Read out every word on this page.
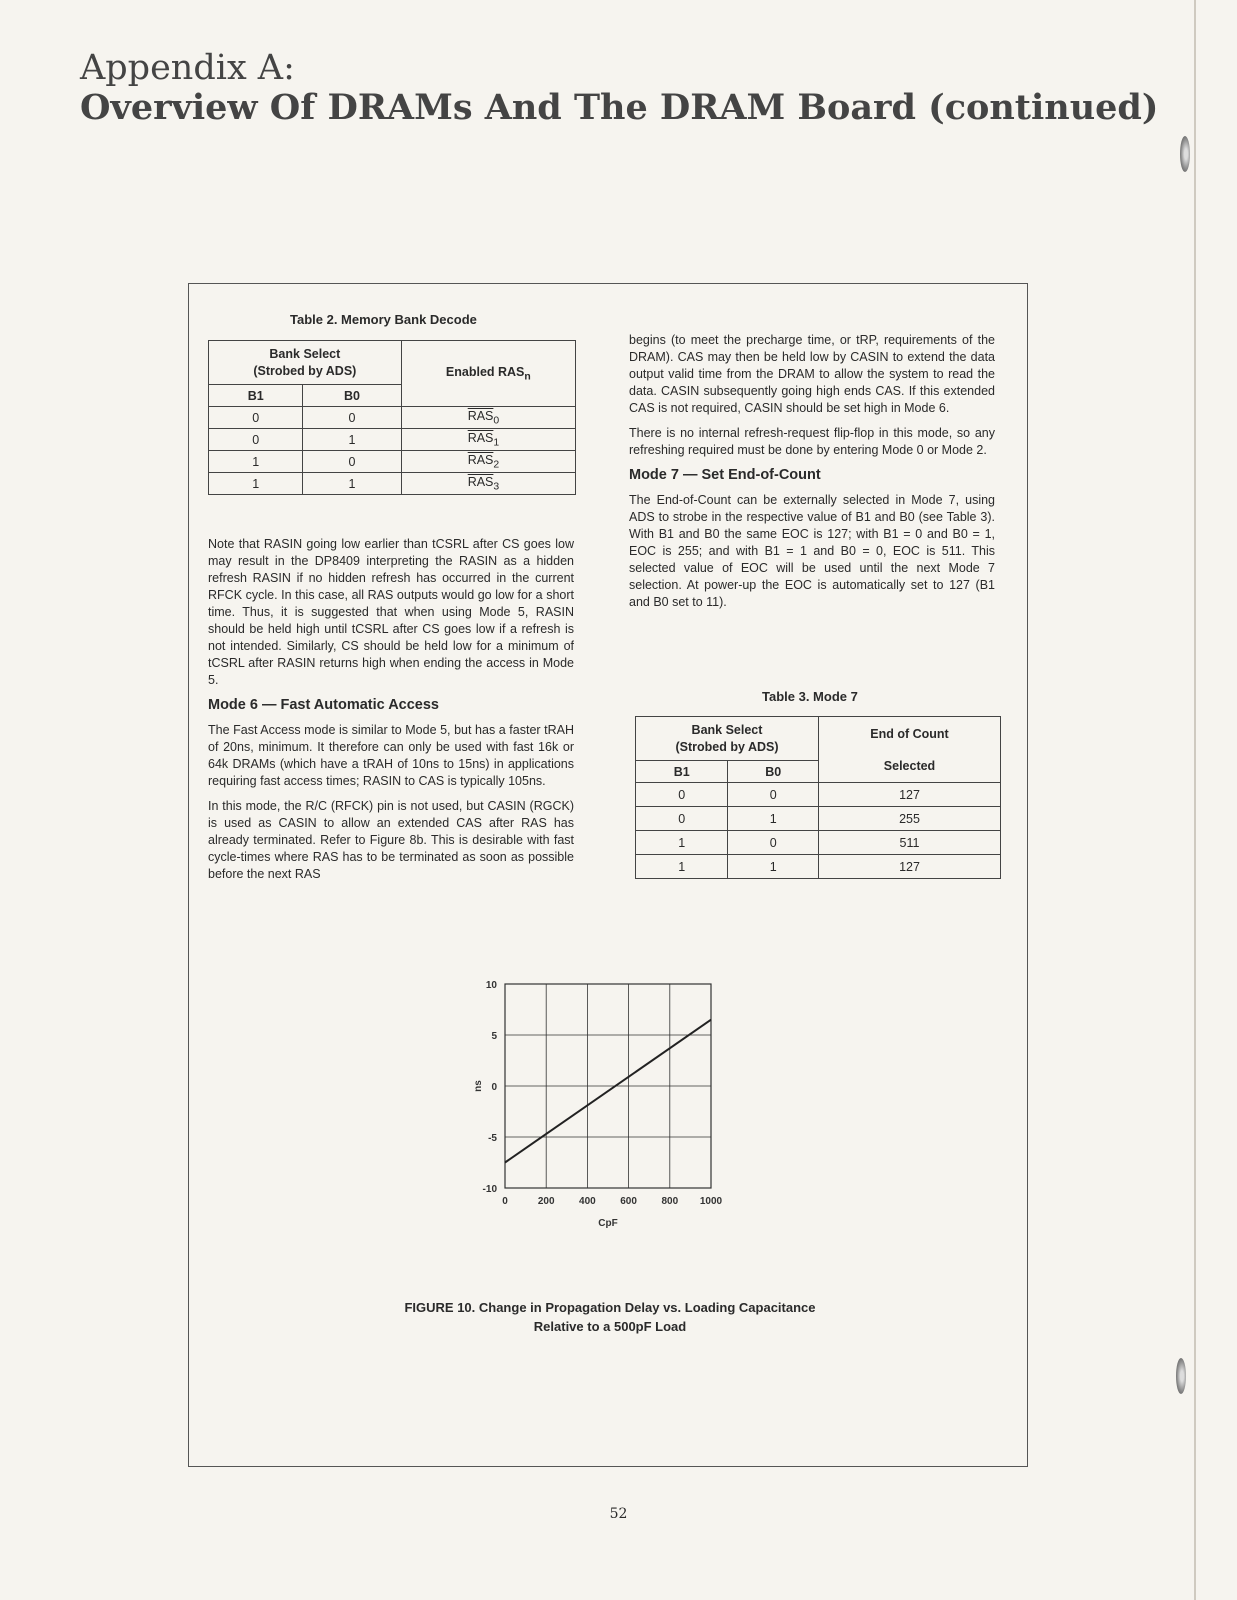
Appendix A:
Overview Of DRAMs And The DRAM Board (continued)
Table 2. Memory Bank Decode
Bank Select
(Strobed by ADS)		Enabled $RAS_n$
B1	B0	
0	0	$\overline{RAS}_0$
0	1	$\overline{RAS}_1$
1	0	$\overline{RAS}_2$
1	1	$\overline{RAS}_3$

Note that RASIN going low earlier than tCSRL after CS goes low may result in the DP8409 interpreting the RASIN as a hidden refresh RASIN if no hidden refresh has occurred in the current RFCK cycle. In this case, all RAS outputs would go low for a short time. Thus, it is suggested that when using Mode 5, RASIN should be held high until tCSRL after CS goes low if a refresh is not intended. Similarly, CS should be held low for a minimum of tCSRL after RASIN returns high when ending the access in Mode 5.

Mode 6 — Fast Automatic Access

The Fast Access mode is similar to Mode 5, but has a faster tRAH of 20ns, minimum. It therefore can only be used with fast 16k or 64k DRAMs (which have a tRAH of 10ns to 15ns) in applications requiring fast access times; RASIN to CAS is typically 105ns.

In this mode, the R/C (RFCK) pin is not used, but CASIN (RGCK) is used as CASIN to allow an extended CAS after RAS has already terminated. Refer to Figure 8b. This is desirable with fast cycle-times where RAS has to be terminated as soon as possible before the next RAS

begins (to meet the precharge time, or tRP, requirements of the DRAM). CAS may then be held low by CASIN to extend the data output valid time from the DRAM to allow the system to read the data. CASIN subsequently going high ends CAS. If this extended CAS is not required, CASIN should be set high in Mode 6.

There is no internal refresh-request flip-flop in this mode, so any refreshing required must be done by entering Mode 0 or Mode 2.

Mode 7 — Set End-of-Count

The End-of-Count can be externally selected in Mode 7, using ADS to strobe in the respective value of B1 and B0 (see Table 3). With B1 and B0 the same EOC is 127; with B1 = 0 and B0 = 1, EOC is 255; and with B1 = 1 and B0 = 0, EOC is 511. This selected value of EOC will be used until the next Mode 7 selection. At power-up the EOC is automatically set to 127 (B1 and B0 set to 11).

Table 3. Mode 7
Bank Select
(Strobed by ADS)		End of Count
Selected
B1	B0	
0	0	127
0	1	255
1	0	511
1	1	127
0	200 400 600 800 1000
10
5
0
-5
-10
CpF
ns
FIGURE 10. Change in Propagation Delay vs. Loading Capacitance
Relative to a 500pF Load
52
